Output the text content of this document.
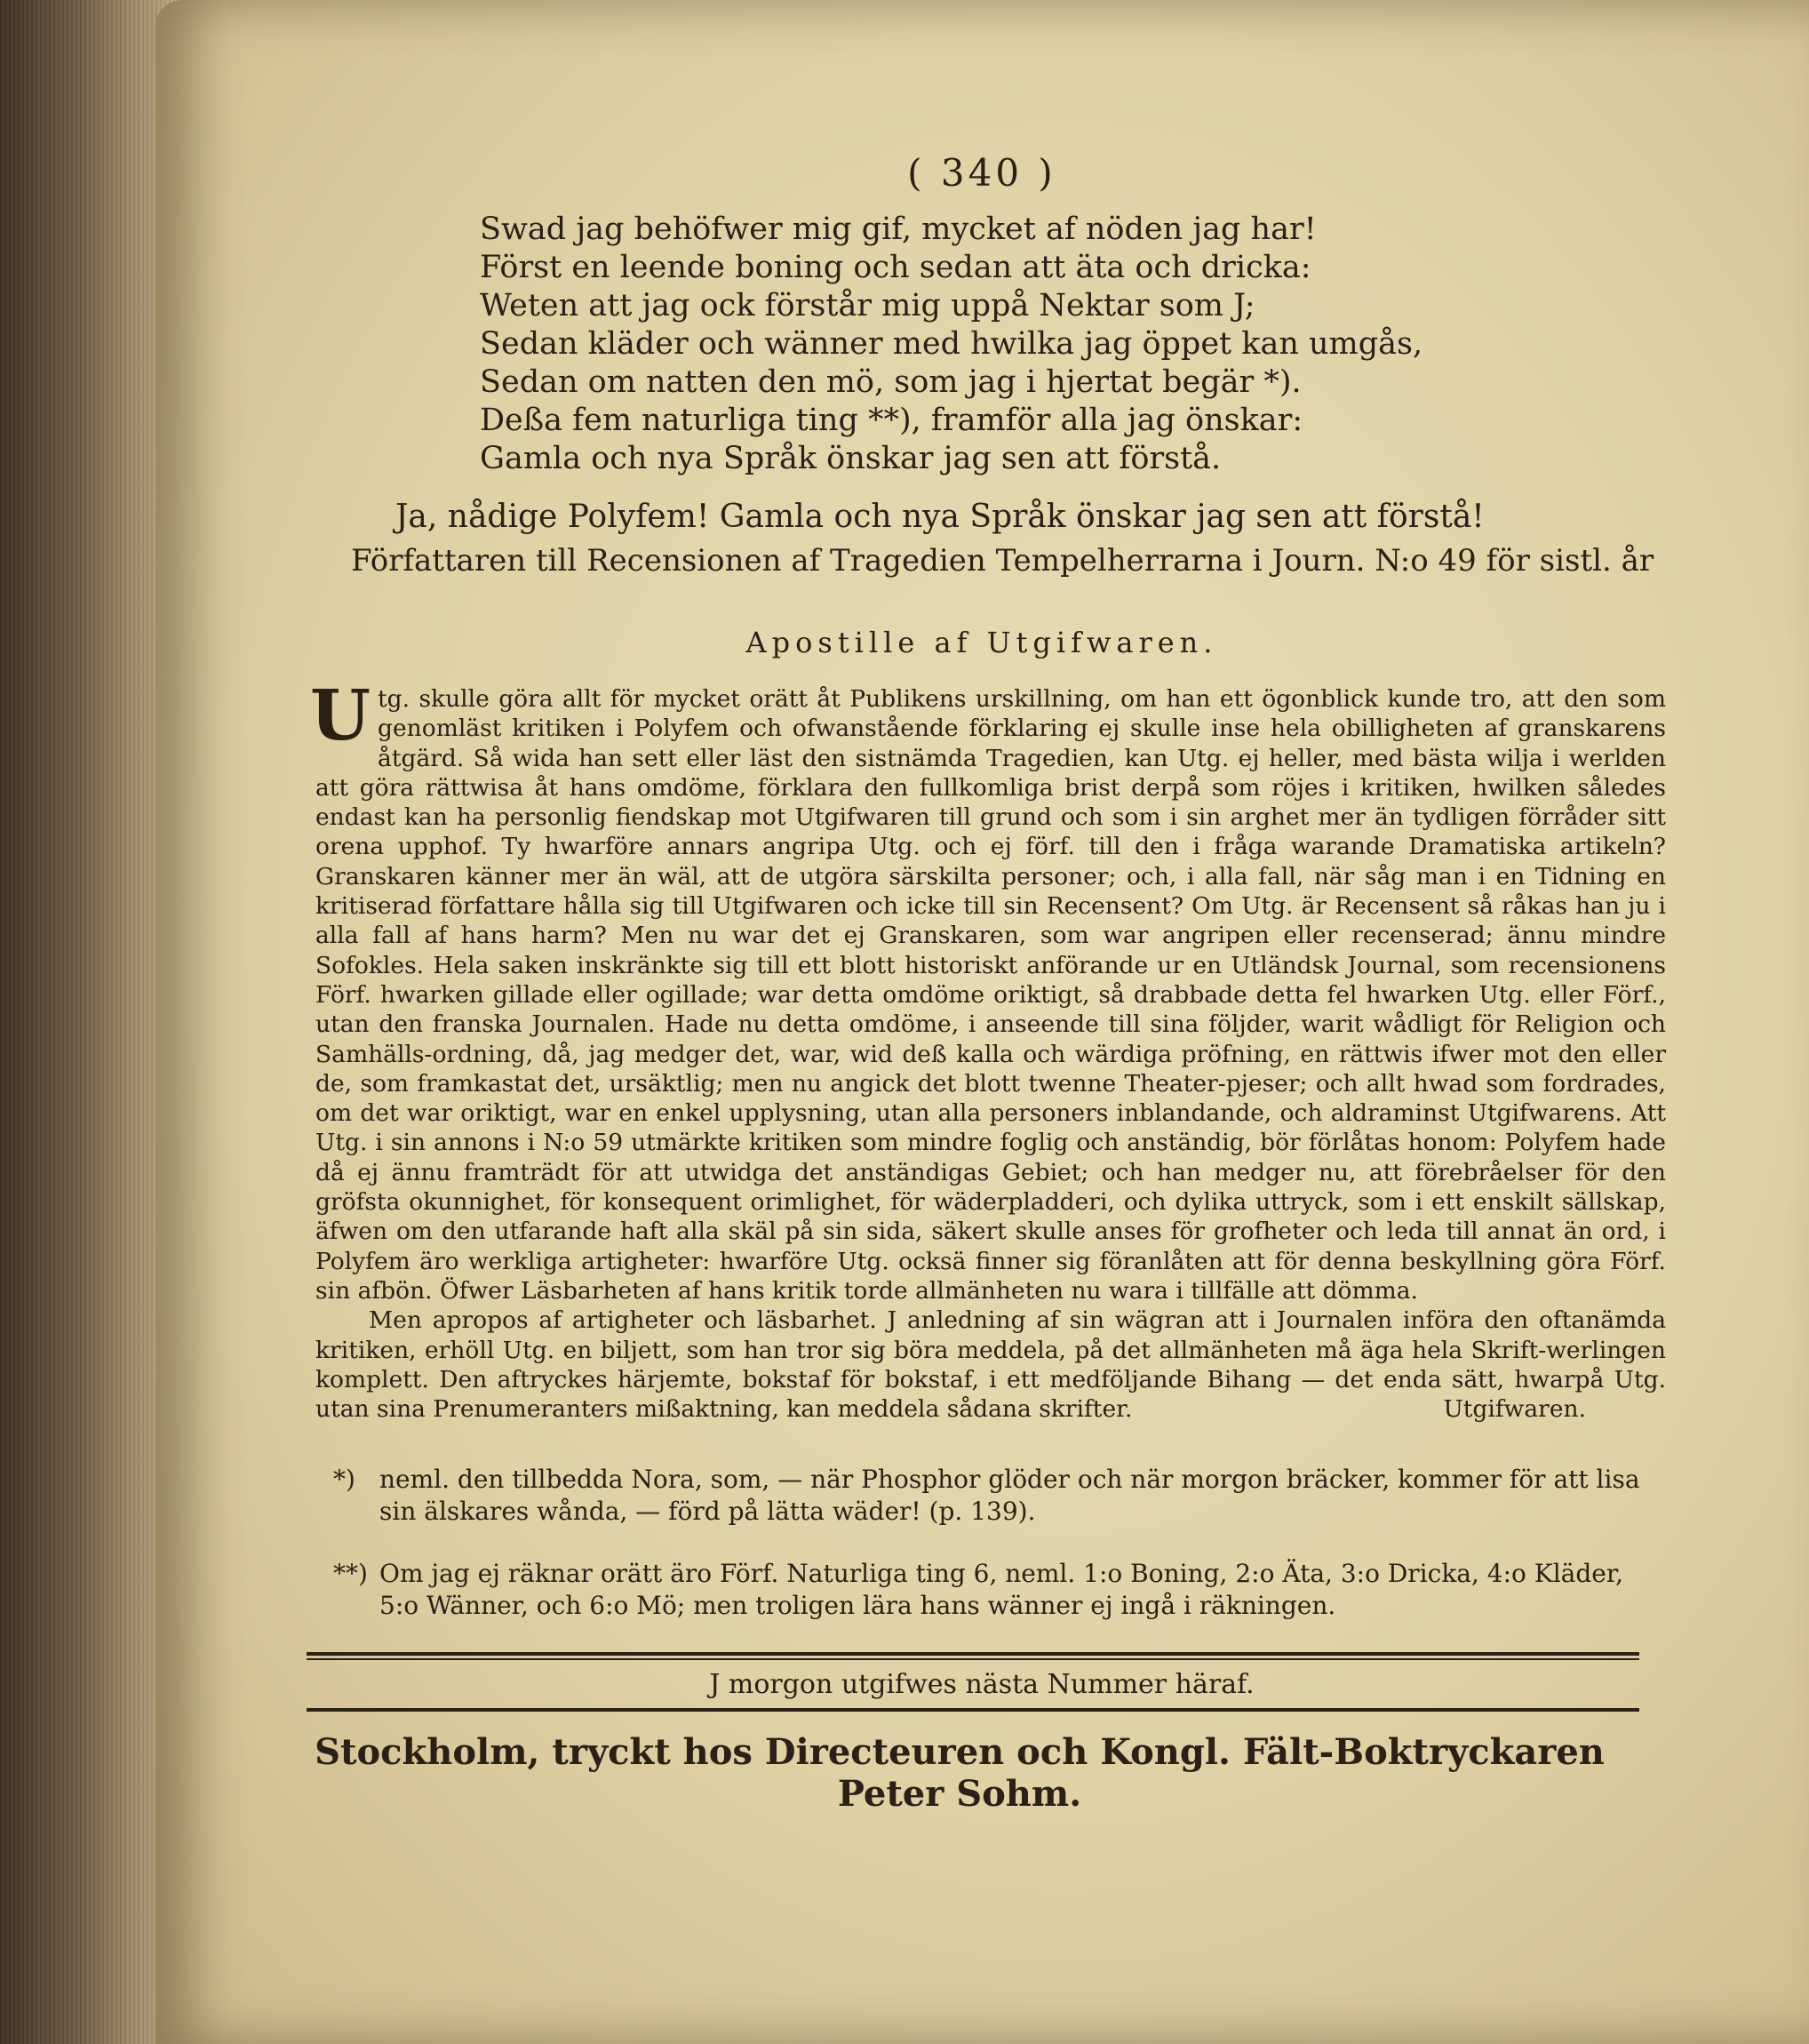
( 340 )
Swad jag behöfwer mig gif, mycket af nöden jag har!
Först en leende boning och sedan att äta och dricka:
Weten att jag ock förstår mig uppå Nektar som J;
Sedan kläder och wänner med hwilka jag öppet kan umgås,
Sedan om natten den mö, som jag i hjertat begär *).
Deßa fem naturliga ting **), framför alla jag önskar:
Gamla och nya Språk önskar jag sen att förstå.
Ja, nådige Polyfem! Gamla och nya Språk önskar jag sen att förstå!
Författaren till Recensionen af Tragedien Tempelherrarna i Journ. N:o 49 för sistl. år
Apostille af Utgifwaren.

Utg. skulle göra allt för mycket orätt åt Publikens urskillning, om han ett ögonblick kunde tro, att den som genomläst kritiken i Polyfem och ofwanstående förklaring ej skulle inse hela obilligheten af granskarens åtgärd. Så wida han sett eller läst den sistnämda Tragedien, kan Utg. ej heller, med bästa wilja i werlden att göra rättwisa åt hans omdöme, förklara den fullkomliga brist derpå som röjes i kritiken, hwilken således endast kan ha personlig fiendskap mot Utgifwaren till grund och som i sin arghet mer än tydligen förråder sitt orena upphof. Ty hwarföre annars angripa Utg. och ej förf. till den i fråga warande Dramatiska artikeln? Granskaren känner mer än wäl, att de utgöra särskilta personer; och, i alla fall, när såg man i en Tidning en kritiserad författare hålla sig till Utgifwaren och icke till sin Recensent? Om Utg. är Recensent så råkas han ju i alla fall af hans harm? Men nu war det ej Granskaren, som war angripen eller recenserad; ännu mindre Sofokles. Hela saken inskränkte sig till ett blott historiskt anförande ur en Utländsk Journal, som recensionens Förf. hwarken gillade eller ogillade; war detta omdöme oriktigt, så drabbade detta fel hwarken Utg. eller Förf., utan den franska Journalen. Hade nu detta omdöme, i anseende till sina följder, warit wådligt för Religion och Samhälls-ordning, då, jag medger det, war, wid deß kalla och wärdiga pröfning, en rättwis ifwer mot den eller de, som framkastat det, ursäktlig; men nu angick det blott twenne Theater-pjeser; och allt hwad som fordrades, om det war oriktigt, war en enkel upplysning, utan alla personers inblandande, och aldraminst Utgifwarens. Att Utg. i sin annons i N:o 59 utmärkte kritiken som mindre foglig och anständig, bör förlåtas honom: Polyfem hade då ej ännu framträdt för att utwidga det anständigas Gebiet; och han medger nu, att förebråelser för den gröfsta okunnighet, för konsequent orimlighet, för wäderpladderi, och dylika uttryck, som i ett enskilt sällskap, äfwen om den utfarande haft alla skäl på sin sida, säkert skulle anses för grofheter och leda till annat än ord, i Polyfem äro werkliga artigheter: hwarföre Utg. ocksä finner sig föranlåten att för denna beskyllning göra Förf. sin afbön. Öfwer Läsbarheten af hans kritik torde allmänheten nu wara i tillfälle att dömma.

Men apropos af artigheter och läsbarhet. J anledning af sin wägran att i Journalen införa den oftanämda kritiken, erhöll Utg. en biljett, som han tror sig böra meddela, på det allmänheten må äga hela Skrift-werlingen komplett. Den aftryckes härjemte, bokstaf för bokstaf, i ett medföljande Bihang — det enda sätt, hwarpå Utg. utan sina Prenumeranters mißaktning, kan meddela sådana skrifter.	Utgifwaren.
*) neml. den tillbedda Nora, som, — när Phosphor glöder och när morgon bräcker, kommer för att lisa sin älskares wånda, — förd på lätta wäder! (p. 139).
**) Om jag ej räknar orätt äro Förf. Naturliga ting 6, neml. 1:o Boning, 2:o Äta, 3:o Dricka, 4:o Kläder, 5:o Wänner, och 6:o Mö; men troligen lära hans wänner ej ingå i räkningen.
J morgon utgifwes nästa Nummer häraf.
Stockholm, tryckt hos Directeuren och Kongl. Fält-Boktryckaren Peter Sohm.
